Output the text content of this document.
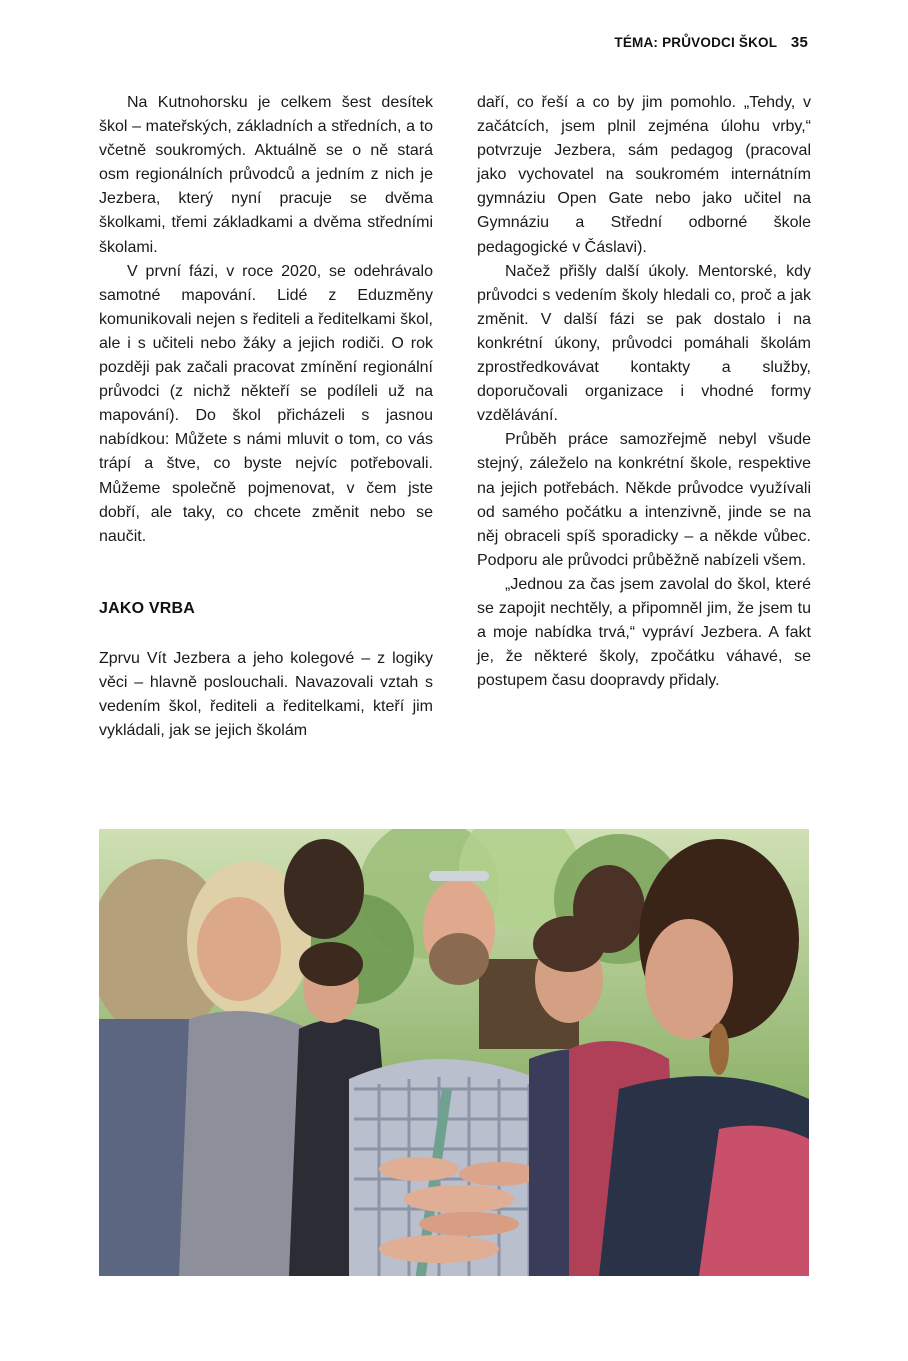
TÉMA: PRŮVODCI ŠKOL 35

Na Kutnohorsku je celkem šest desítek škol – mateřských, základních a středních, a to včetně soukromých. Aktuálně se o ně stará osm regionálních průvodců a jedním z nich je Jezbera, který nyní pracuje se dvěma školkami, třemi základkami a dvěma středními školami.

V první fázi, v roce 2020, se odehrávalo samotné mapování. Lidé z Eduzměny komunikovali nejen s řediteli a ředitelkami škol, ale i s učiteli nebo žáky a jejich rodiči. O rok později pak začali pracovat zmínění regionální průvodci (z nichž někteří se podíleli už na mapování). Do škol přicházeli s jasnou nabídkou: Můžete s námi mluvit o tom, co vás trápí a štve, co byste nejvíc potřebovali. Můžeme společně pojmenovat, v čem jste dobří, ale taky, co chcete změnit nebo se naučit.

JAKO VRBA

Zprvu Vít Jezbera a jeho kolegové – z logiky věci – hlavně poslouchali. Navazovali vztah s vedením škol, řediteli a ředitelkami, kteří jim vykládali, jak se jejich školám

daří, co řeší a co by jim pomohlo. „Tehdy, v začátcích, jsem plnil zejména úlohu vrby,“ potvrzuje Jezbera, sám pedagog (pracoval jako vychovatel na soukromém internátním gymnáziu Open Gate nebo jako učitel na Gymnáziu a Střední odborné škole pedagogické v Čáslavi).

Načež přišly další úkoly. Mentorské, kdy průvodci s vedením školy hledali co, proč a jak změnit. V další fázi se pak dostalo i na konkrétní úkony, průvodci pomáhali školám zprostředkovávat kontakty a služby, doporučovali organizace i vhodné formy vzdělávání.

Průběh práce samozřejmě nebyl všude stejný, záleželo na konkrétní škole, respektive na jejich potřebách. Někde průvodce využívali od samého počátku a intenzivně, jinde se na něj obraceli spíš sporadicky – a někde vůbec. Podporu ale průvodci průběžně nabízeli všem.

„Jednou za čas jsem zavolal do škol, které se zapojit nechtěly, a připomněl jim, že jsem tu a moje nabídka trvá,“ vypráví Jezbera. A fakt je, že některé školy, zpočátku váhavé, se postupem času doopravdy přidaly.
